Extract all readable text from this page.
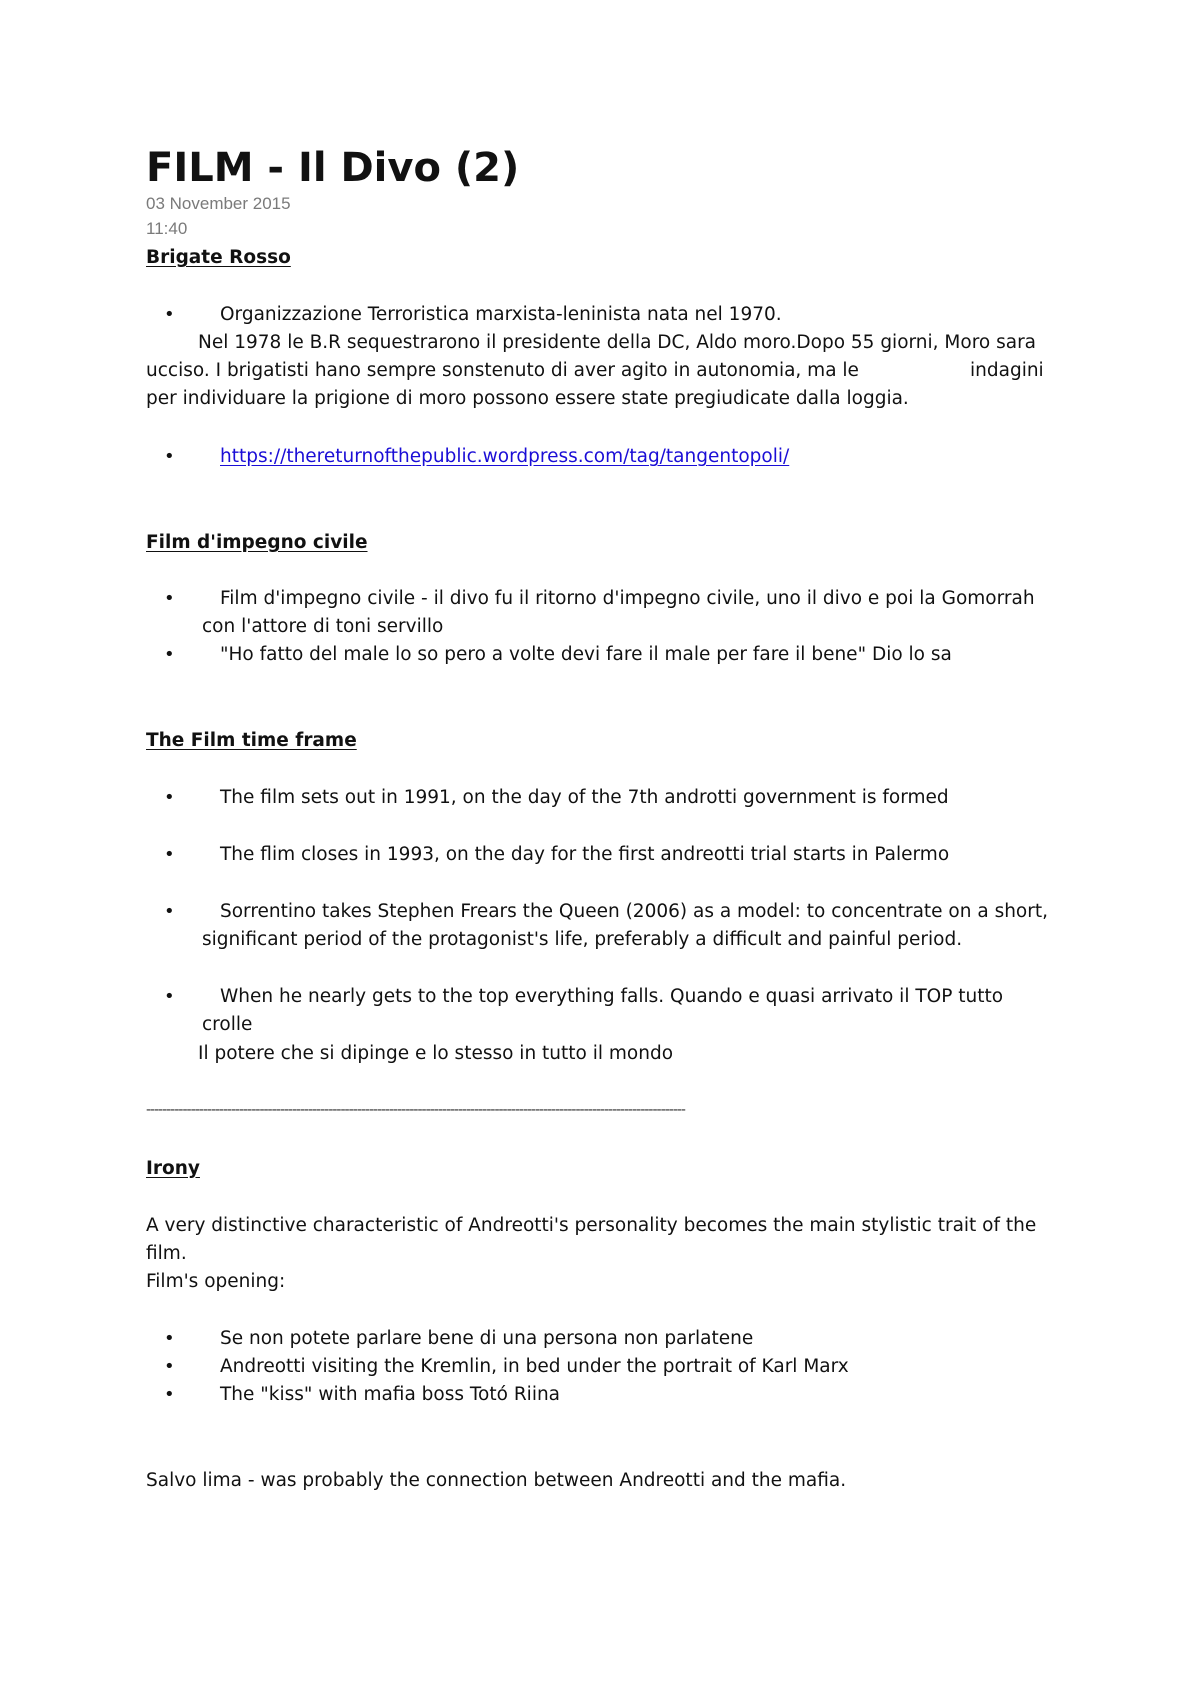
FILM - Il Divo (2)
03 November 2015
11:40
Brigate Rosso
• Organizzazione Terroristica marxista-leninista nata nel 1970.
Nel 1978 le B.R sequestrarono il presidente della DC, Aldo moro.Dopo 55 giorni, Moro sara
ucciso. I brigatisti hano sempre sonstenuto di aver agito in autonomia, ma le	indagini
per individuare la prigione di moro possono essere state pregiudicate dalla loggia.
• https://thereturnofthepublic.wordpress.com/tag/tangentopoli/
Film d'impegno civile
• Film d'impegno civile - il divo fu il ritorno d'impegno civile, uno il divo e poi la Gomorrah
con l'attore di toni servillo
• "Ho fatto del male lo so pero a volte devi fare il male per fare il bene" Dio lo sa
The Film time frame
• The film sets out in 1991, on the day of the 7th androtti government is formed
• The flim closes in 1993, on the day for the first andreotti trial starts in Palermo
• Sorrentino takes Stephen Frears the Queen (2006) as a model: to concentrate on a short,
significant period of the protagonist's life, preferably a difficult and painful period.
• When he nearly gets to the top everything falls. Quando e quasi arrivato il TOP tutto
crolle
Il potere che si dipinge e lo stesso in tutto il mondo
-------------------------------------------------------------------------------------------------------------------------------------
Irony
A very distinctive characteristic of Andreotti's personality becomes the main stylistic trait of the
film.
Film's opening:
• Se non potete parlare bene di una persona non parlatene
• Andreotti visiting the Kremlin, in bed under the portrait of Karl Marx
• The "kiss" with mafia boss Totó Riina
Salvo lima - was probably the connection between Andreotti and the mafia.
